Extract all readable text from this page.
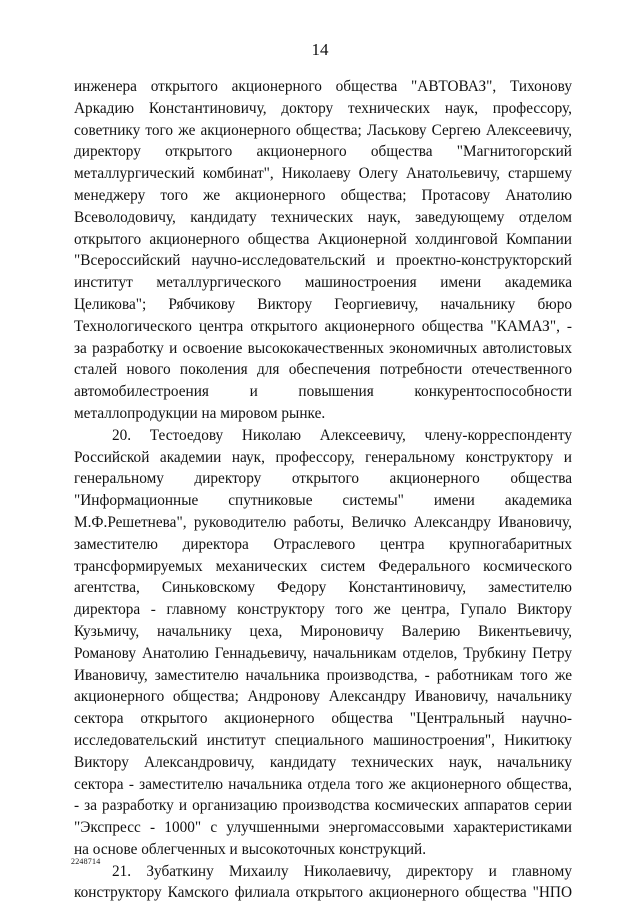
14
инженера открытого акционерного общества "АВТОВАЗ", Тихонову
Аркадию Константиновичу, доктору технических наук, профессору,
советнику того же акционерного общества; Ласькову Сергею Алексеевичу,
директору открытого акционерного общества "Магнитогорский
металлургический комбинат", Николаеву Олегу Анатольевичу, старшему
менеджеру того же акционерного общества; Протасову Анатолию
Всеволодовичу, кандидату технических наук, заведующему отделом
открытого акционерного общества Акционерной холдинговой Компании
"Всероссийский научно-исследовательский и проектно-конструкторский
институт металлургического машиностроения имени академика
Целикова"; Рябчикову Виктору Георгиевичу, начальнику бюро
Технологического центра открытого акционерного общества "КАМАЗ", -
за разработку и освоение высококачественных экономичных автолистовых
сталей нового поколения для обеспечения потребности отечественного
автомобилестроения и повышения конкурентоспособности
металлопродукции на мировом рынке.
20. Тестоедову Николаю Алексеевичу, члену-корреспонденту
Российской академии наук, профессору, генеральному конструктору и
генеральному директору открытого акционерного общества
"Информационные спутниковые системы" имени академика
М.Ф.Решетнева", руководителю работы, Величко Александру Ивановичу,
заместителю директора Отраслевого центра крупногабаритных
трансформируемых механических систем Федерального космического
агентства, Синьковскому Федору Константиновичу, заместителю
директора - главному конструктору того же центра, Гупало Виктору
Кузьмичу, начальнику цеха, Мироновичу Валерию Викентьевичу,
Романову Анатолию Геннадьевичу, начальникам отделов, Трубкину Петру
Ивановичу, заместителю начальника производства, - работникам того же
акционерного общества; Андронову Александру Ивановичу, начальнику
сектора открытого акционерного общества "Центральный научно-
исследовательский институт специального машиностроения", Никитюку
Виктору Александровичу, кандидату технических наук, начальнику
сектора - заместителю начальника отдела того же акционерного общества,
- за разработку и организацию производства космических аппаратов серии
"Экспресс - 1000" с улучшенными энергомассовыми характеристиками
на основе облегченных и высокоточных конструкций.
21. Зубаткину Михаилу Николаевичу, директору и главному
конструктору Камского филиала открытого акционерного общества "НПО
2248714
